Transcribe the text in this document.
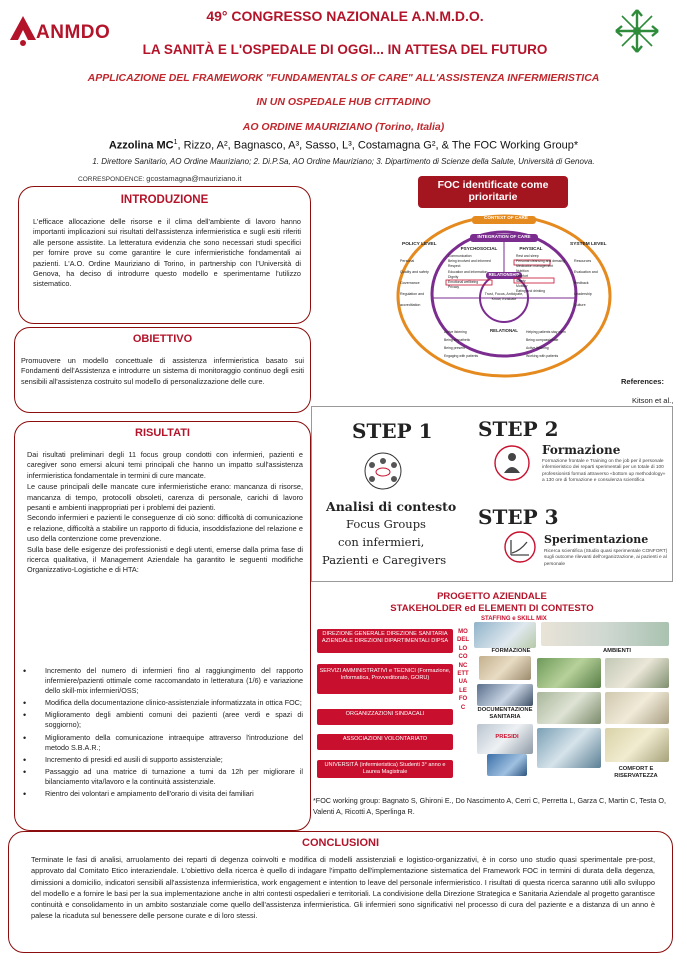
ANMDO
49° CONGRESSO NAZIONALE A.N.M.D.O.
LA SANITÀ E L'OSPEDALE DI OGGI... IN ATTESA DEL FUTURO
APPLICAZIONE DEL FRAMEWORK "FUNDAMENTALS OF CARE" ALL'ASSISTENZA INFERMIERISTICA
IN UN OSPEDALE HUB CITTADINO
AO ORDINE MAURIZIANO (Torino, Italia)
Azzolina $MC^1$, Rizzo, A², Bagnasco, A³, Sasso, L³, Costamagna G², & The FOC Working Group*
1. Direttore Sanitario, AO Ordine Mauriziano; 2. Di.P.Sa, AO Ordine Mauriziano; 3. Dipartimento di Scienze della Salute, Università di Genova.
CORRESPONDENCE: gcostamagna@mauriziano.it
INTRODUZIONE
L'efficace allocazione delle risorse e il clima dell'ambiente di lavoro hanno importanti implicazioni sui risultati dell'assistenza infermieristica e sugli esiti riferiti alle persone assistite. La letteratura evidenzia che sono necessari studi specifici per fornire prove su come garantire le cure infermieristiche fondamentali ai pazienti. L'A.O. Ordine Mauriziano di Torino, in partnership con l'Università di Genova, ha deciso di introdurre questo modello e sperimentarne l'utilizzo sistematico.
OBIETTIVO
Promuovere un modello concettuale di assistenza infermieristica basato sui Fondamenti dell'Assistenza e introdurre un sistema di monitoraggio continuo degli esiti sensibili all'assistenza costruito sul modello di personalizzazione delle cure.
RISULTATI

Dai risultati preliminari degli 11 focus group condotti con infermieri, pazienti e caregiver sono emersi alcuni temi principali che hanno un impatto sull'assistenza infermieristica fondamentale in termini di cure mancate.

Le cause principali delle mancate cure infermieristiche erano: mancanza di risorse, mancanza di tempo, protocolli obsoleti, carenza di personale, carichi di lavoro pesanti e ambienti inappropriati per i problemi dei pazienti.

Secondo infermieri e pazienti le conseguenze di ciò sono: difficoltà di comunicazione e relazione, difficoltà a stabilire un rapporto di fiducia, insoddisfazione del relazione e uso della contenzione come prevenzione.

Sulla base delle esigenze dei professionisti e degli utenti, emerse dalla prima fase di ricerca qualitativa, il Management Aziendale ha garantito le seguenti modifiche Organizzativo-Logistiche e di HTA:

• Incremento del numero di infermieri fino al raggiungimento del rapporto infermiere/pazienti ottimale come raccomandato in letteratura (1/6) e variazione dello skill-mix infermieri/OSS;
• Modifica della documentazione clinico-assistenziale informatizzata in ottica FOC;
• Miglioramento degli ambienti comuni dei pazienti (aree verdi e spazi di soggiorno);
• Miglioramento della comunicazione intraequipe attraverso l'introduzione del metodo S.B.A.R.;
• Incremento di presidi ed ausili di supporto assistenziale;
• Passaggio ad una matrice di turnazione a turni da 12h per migliorare il bilanciamento vita/lavoro e la continuità assistenziale.
• Rientro dei volontari e ampiamento dell'orario di visita dei familiari
FOC identificate come prioritarie
CONTEXT OF CARE
INTEGRATION OF CARE
RELATIONSHIP
POLICY LEVEL	SYSTEM LEVEL
PSYCHOSOCIAL	PHYSICAL
RELATIONAL
Trust, Focus, Anticipate, Know, Evaluate
Personal
Quality and safety
Governance
Regulation and accreditation
Resources
Evaluation and feedback
Leadership
Culture
Communication
Being involved and informed
Respect
Education and information
Dignity
Emotional wellbeing
Privacy
Rest and sleep
Personal cleansing and dressing
Medication management
Nutrition
Comfort
Safety
Mobility
Eating and drinking
Active listening
Being empathetic
Being present
Engaging with patients
Helping patients stay calm
Being compassionate
Active listening
Working with patients
References:
Kitson et al.,
STEP 1
Analisi di contesto
Focus Groups
con infermieri,
Pazienti e Caregivers
STEP 2
Formazione
Formazione frontale e Training on the job per il personale infermieristico dei reparti sperimentali per un totale di 100 professionisti formati attraverso «bottom up methodology» a 130 ore di formazione e consulenza scientifica
STEP 3
Sperimentazione
Ricerca scientifica (Studio quasi sperimentale CONFORT) sugli outcome rilevanti dell'organizzazione, ai pazienti e al personale
PROGETTO AZIENDALE
STAKEHOLDER ed ELEMENTI DI CONTESTO
STAFFING e SKILL MIX
DIREZIONE GENERALE DIREZIONE SANITARIA AZIENDALE DIREZIONI DIPARTIMENTALI DIPSA
SERVIZI AMMINISTRATIVI e TECNICI (Formazione, Informatica, Provveditorato, GORU)
ORGANIZZAZIONI SINDACALI
ASSOCIAZIONI VOLONTARIATO
UNIVERSITÀ (infermieristica) Studenti 3° anno e Laurea Magistrale
MODELLO CONCETTUALE FOC
FORMAZIONE	AMBIENTI
DOCUMENTAZIONE SANITARIA
PRESIDI
COMFORT E RISERVATEZZA
*FOC working group: Bagnato S, Ghironi E., Do Nascimento A, Cerri C, Perretta L, Garza C, Martin C, Testa O, Valenti A, Ricotti A, Sperlinga R.
CONCLUSIONI
Terminate le fasi di analisi, arruolamento dei reparti di degenza coinvolti e modifica di modelli assistenziali e logistico-organizzativi, è in corso uno studio quasi sperimentale pre-post, approvato dal Comitato Etico interaziendale. L'obiettivo della ricerca è quello di indagare l'impatto dell'implementazione sistematica del Framework FOC in termini di durata della degenza, dimissioni a domicilio, indicatori sensibili all'assistenza infermieristica, work engagement e intention to leave del personale infermieristico. I risultati di questa ricerca saranno utili allo sviluppo del modello e a fornire le basi per la sua implementazione anche in altri contesti ospedalieri e territoriali. La condivisione della Direzione Strategica e Sanitaria Aziendale al progetto garantisce continuità e consolidamento in un ambito sostanziale come quello dell'assistenza infermieristica. Gli infermieri sono significativi nel processo di cura del paziente e a distanza di un anno è palese la ricaduta sul benessere delle persone curate e di loro stessi.
